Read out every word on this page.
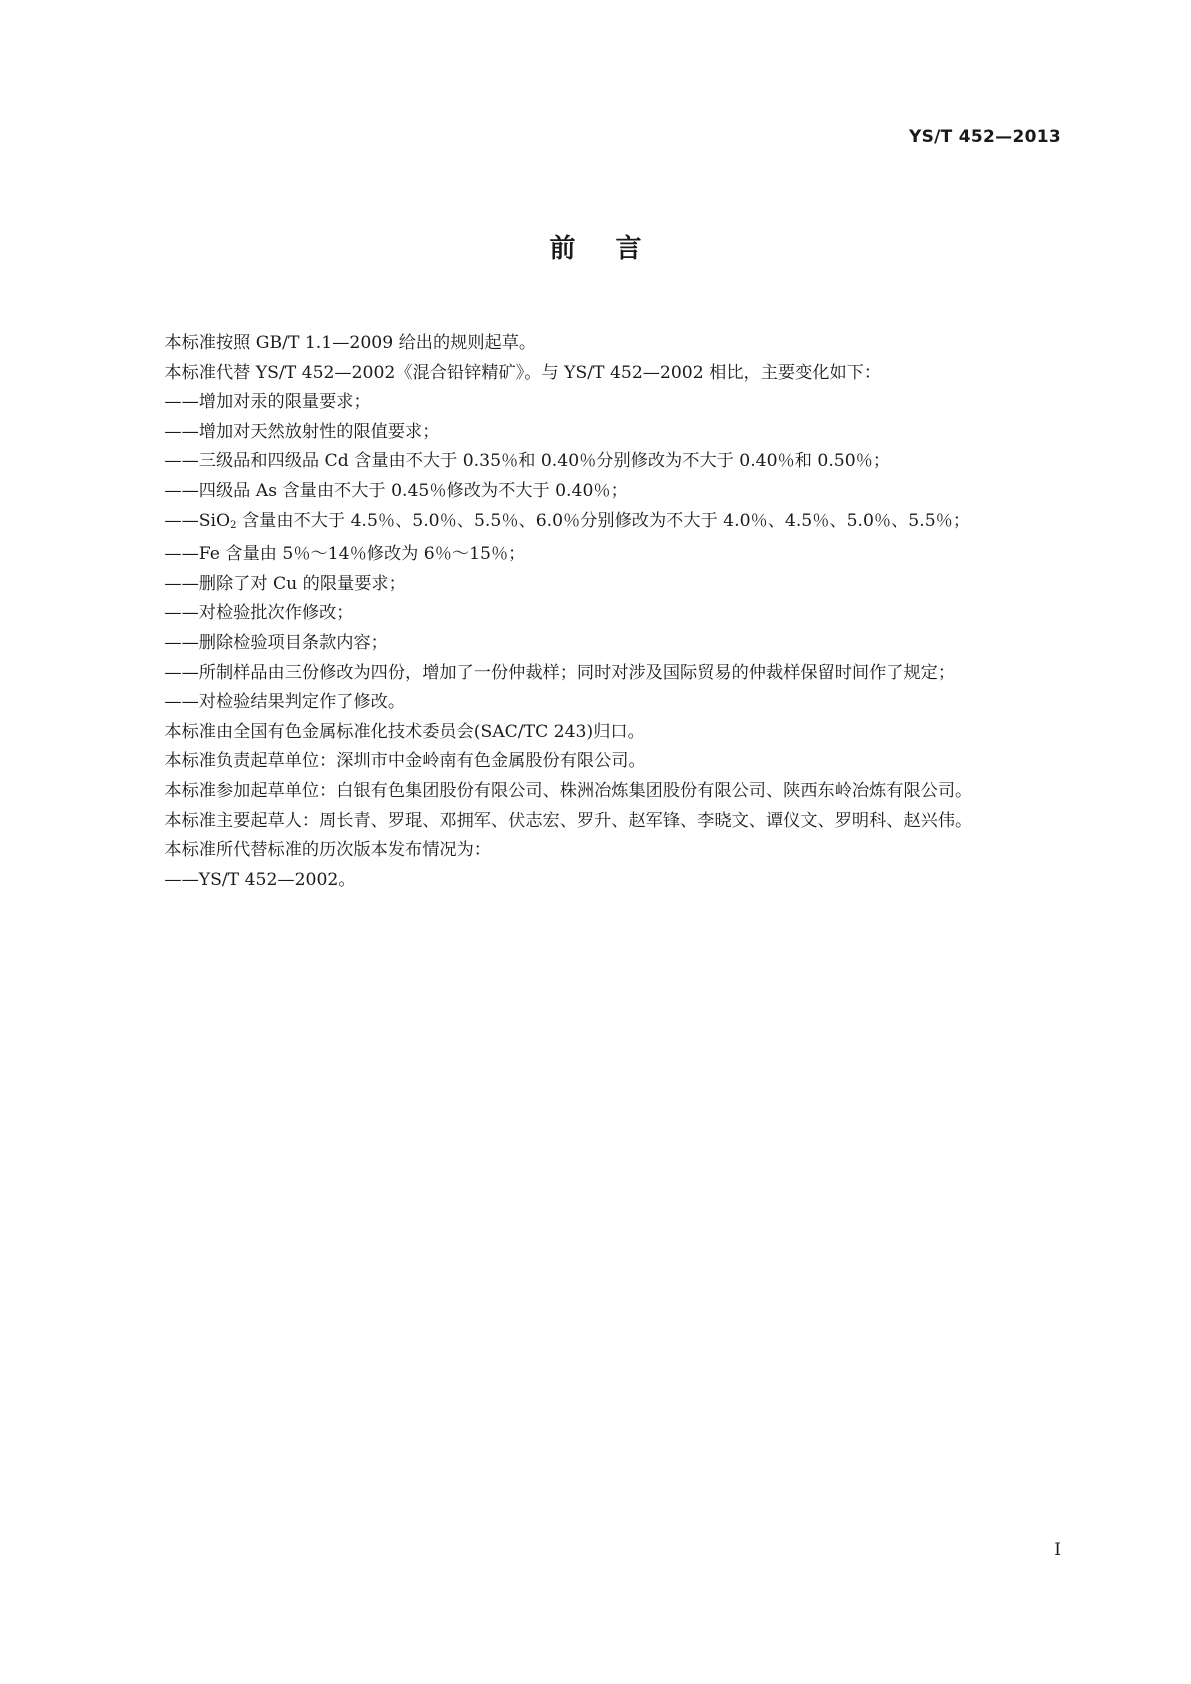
YS/T 452—2013
前言

本标准按照 GB/T 1.1—2009 给出的规则起草。

本标准代替 YS/T 452—2002《混合铅锌精矿》。与 YS/T 452—2002 相比，主要变化如下：

——增加对汞的限量要求；

——增加对天然放射性的限值要求；

——三级品和四级品 Cd 含量由不大于 0.35％和 0.40％分别修改为不大于 0.40％和 0.50％；

——四级品 As 含量由不大于 0.45％修改为不大于 0.40％；

——SiO$_2$ 含量由不大于 4.5％、5.0％、5.5％、6.0％分别修改为不大于 4.0％、4.5％、5.0％、5.5％；

——Fe 含量由 5％～14％修改为 6％～15％；

——删除了对 Cu 的限量要求；

——对检验批次作修改；

——删除检验项目条款内容；

——所制样品由三份修改为四份，增加了一份仲裁样；同时对涉及国际贸易的仲裁样保留时间作了规定；

——对检验结果判定作了修改。

本标准由全国有色金属标准化技术委员会(SAC/TC 243)归口。

本标准负责起草单位：深圳市中金岭南有色金属股份有限公司。

本标准参加起草单位：白银有色集团股份有限公司、株洲冶炼集团股份有限公司、陕西东岭冶炼有限公司。

本标准主要起草人：周长青、罗琨、邓拥军、伏志宏、罗升、赵军锋、李晓文、谭仪文、罗明科、赵兴伟。

本标准所代替标准的历次版本发布情况为：

——YS/T 452—2002。

I
